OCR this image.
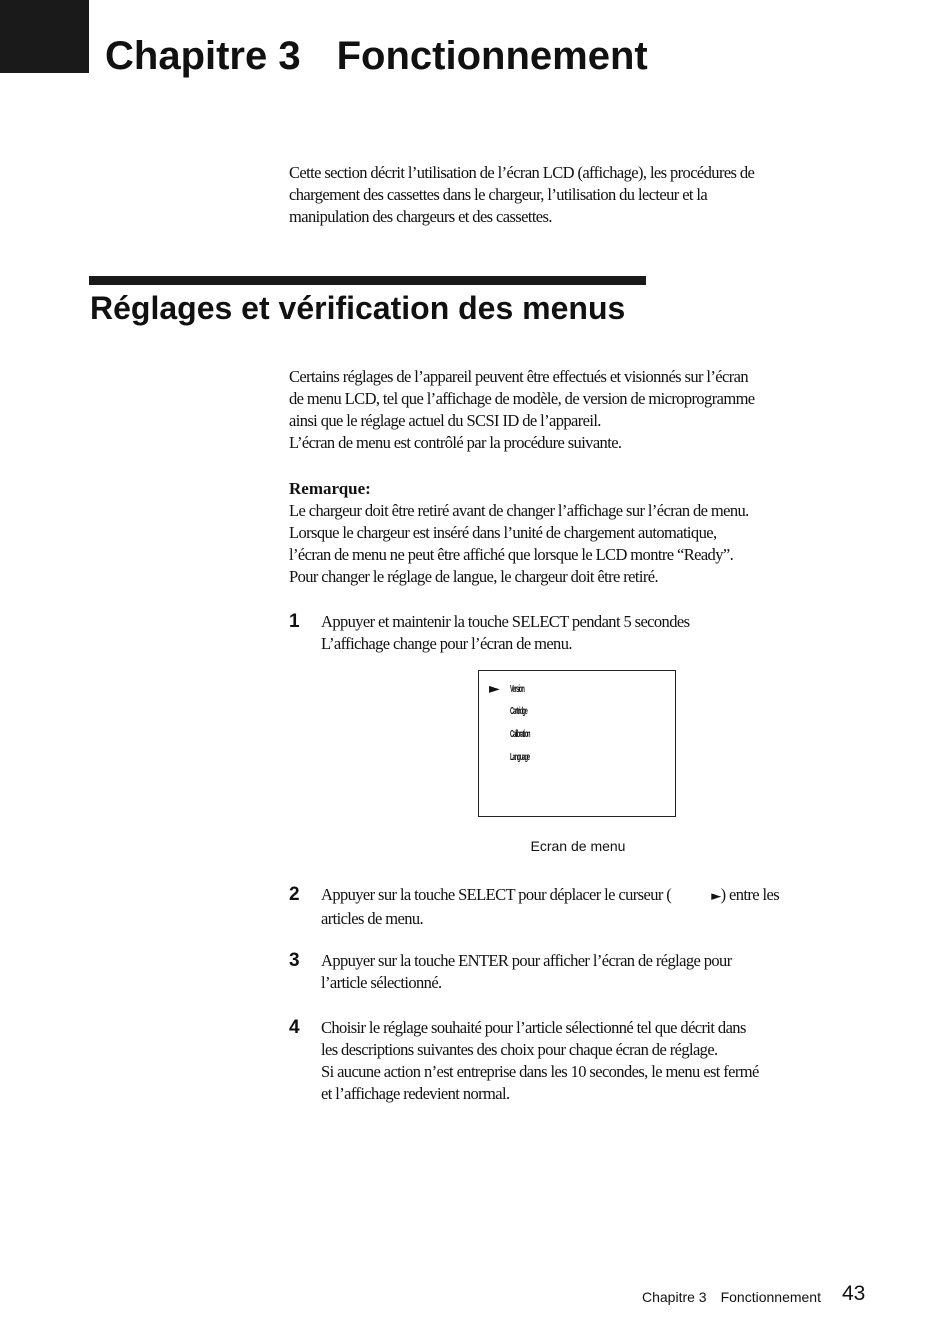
Chapitre 3 Fonctionnement

Cette section décrit l’utilisation de l’écran LCD (affichage), les procédures de

chargement des cassettes dans le chargeur, l’utilisation du lecteur et la

manipulation des chargeurs et des cassettes.

Réglages et vérification des menus

Certains réglages de l’appareil peuvent être effectués et visionnés sur l’écran

de menu LCD, tel que l’affichage de modèle, de version de microprogramme

ainsi que le réglage actuel du SCSI ID de l’appareil.

L’écran de menu est contrôlé par la procédure suivante.

Remarque:

Le chargeur doit être retiré avant de changer l’affichage sur l’écran de menu.

Lorsque le chargeur est inséré dans l’unité de chargement automatique,

l’écran de menu ne peut être affiché que lorsque le LCD montre “Ready”.

Pour changer le réglage de langue, le chargeur doit être retiré.

1 Appuyer et maintenir la touche SELECT pendant 5 secondes

L’affichage change pour l’écran de menu.

► Version
Cartridge
Calibration
Language
Ecran de menu
2 Appuyer sur la touche SELECT pour déplacer le curseur (	►) entre les

articles de menu.

3 Appuyer sur la touche ENTER pour afficher l’écran de réglage pour

l’article sélectionné.

4 Choisir le réglage souhaité pour l’article sélectionné tel que décrit dans

les descriptions suivantes des choix pour chaque écran de réglage.

Si aucune action n’est entreprise dans les 10 secondes, le menu est fermé

et l’affichage redevient normal.

Chapitre 3 Fonctionnement 43
